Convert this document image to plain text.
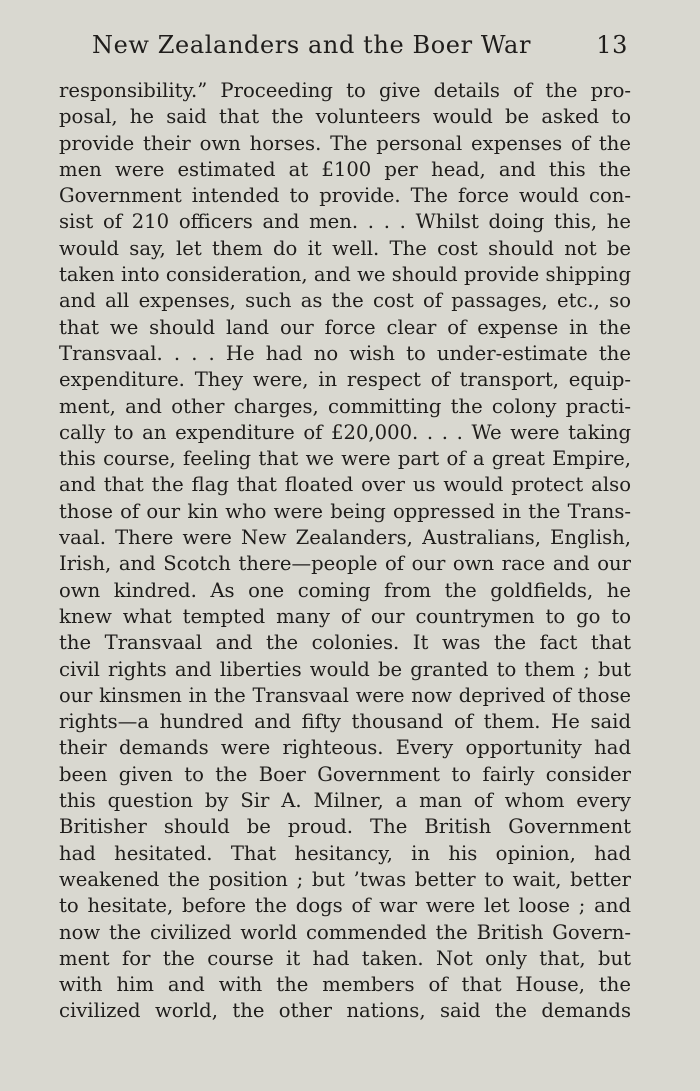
New Zealanders and the Boer War	13
responsibility.” Proceeding to give details of the pro-
posal, he said that the volunteers would be asked to
provide their own horses. The personal expenses of the
men were estimated at £100 per head, and this the
Government intended to provide. The force would con-
sist of 210 officers and men. . . . Whilst doing this, he
would say, let them do it well. The cost should not be
taken into consideration, and we should provide shipping
and all expenses, such as the cost of passages, etc., so
that we should land our force clear of expense in the
Transvaal. . . . He had no wish to under-estimate the
expenditure. They were, in respect of transport, equip-
ment, and other charges, committing the colony practi-
cally to an expenditure of £20,000. . . . We were taking
this course, feeling that we were part of a great Empire,
and that the flag that floated over us would protect also
those of our kin who were being oppressed in the Trans-
vaal. There were New Zealanders, Australians, English,
Irish, and Scotch there—people of our own race and our
own kindred. As one coming from the goldfields, he
knew what tempted many of our countrymen to go to
the Transvaal and the colonies. It was the fact that
civil rights and liberties would be granted to them ; but
our kinsmen in the Transvaal were now deprived of those
rights—a hundred and fifty thousand of them. He said
their demands were righteous. Every opportunity had
been given to the Boer Government to fairly consider
this question by Sir A. Milner, a man of whom every
Britisher should be proud. The British Government
had hesitated. That hesitancy, in his opinion, had
weakened the position ; but ’twas better to wait, better
to hesitate, before the dogs of war were let loose ; and
now the civilized world commended the British Govern-
ment for the course it had taken. Not only that, but
with him and with the members of that House, the
civilized world, the other nations, said the demands
